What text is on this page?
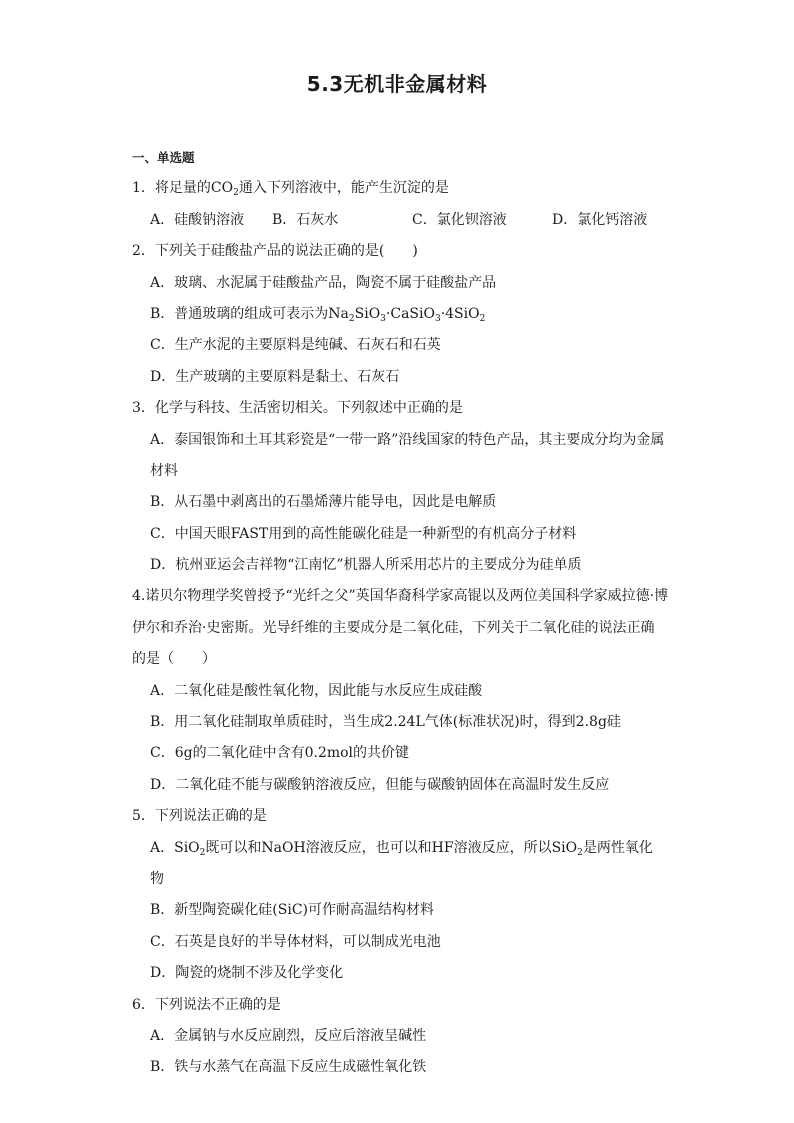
5.3无机非金属材料
一、单选题
1．将足量的$CO_2$通入下列溶液中，能产生沉淀的是
A．硅酸钠溶液	B．石灰水	C．氯化钡溶液	D．氯化钙溶液
2．下列关于硅酸盐产品的说法正确的是(　　)
A．玻璃、水泥属于硅酸盐产品，陶瓷不属于硅酸盐产品
B．普通玻璃的组成可表示为$Na_2SiO_3\cdot CaSiO_3\cdot 4SiO_2$
C．生产水泥的主要原料是纯碱、石灰石和石英
D．生产玻璃的主要原料是黏土、石灰石
3．化学与科技、生活密切相关。下列叙述中正确的是
A．泰国银饰和土耳其彩瓷是“一带一路”沿线国家的特色产品，其主要成分均为金属
材料
B．从石墨中剥离出的石墨烯薄片能导电，因此是电解质
C．中国天眼FAST用到的高性能碳化硅是一种新型的有机高分子材料
D．杭州亚运会吉祥物“江南忆”机器人所采用芯片的主要成分为硅单质
4.诺贝尔物理学奖曾授予“光纤之父”英国华裔科学家高锟以及两位美国科学家威拉德·博
伊尔和乔治·史密斯。光导纤维的主要成分是二氧化硅，下列关于二氧化硅的说法正确
的是（　　）
A．二氧化硅是酸性氧化物，因此能与水反应生成硅酸
B．用二氧化硅制取单质硅时，当生成2.24L气体(标准状况)时，得到2.8g硅
C．6g的二氧化硅中含有0.2mol的共价键
D．二氧化硅不能与碳酸钠溶液反应，但能与碳酸钠固体在高温时发生反应
5．下列说法正确的是
A．SiO$_2$既可以和NaOH溶液反应，也可以和HF溶液反应，所以SiO$_2$是两性氧化
物
B．新型陶瓷碳化硅(SiC)可作耐高温结构材料
C．石英是良好的半导体材料，可以制成光电池
D．陶瓷的烧制不涉及化学变化
6．下列说法不正确的是
A．金属钠与水反应剧烈，反应后溶液呈碱性
B．铁与水蒸气在高温下反应生成磁性氧化铁
